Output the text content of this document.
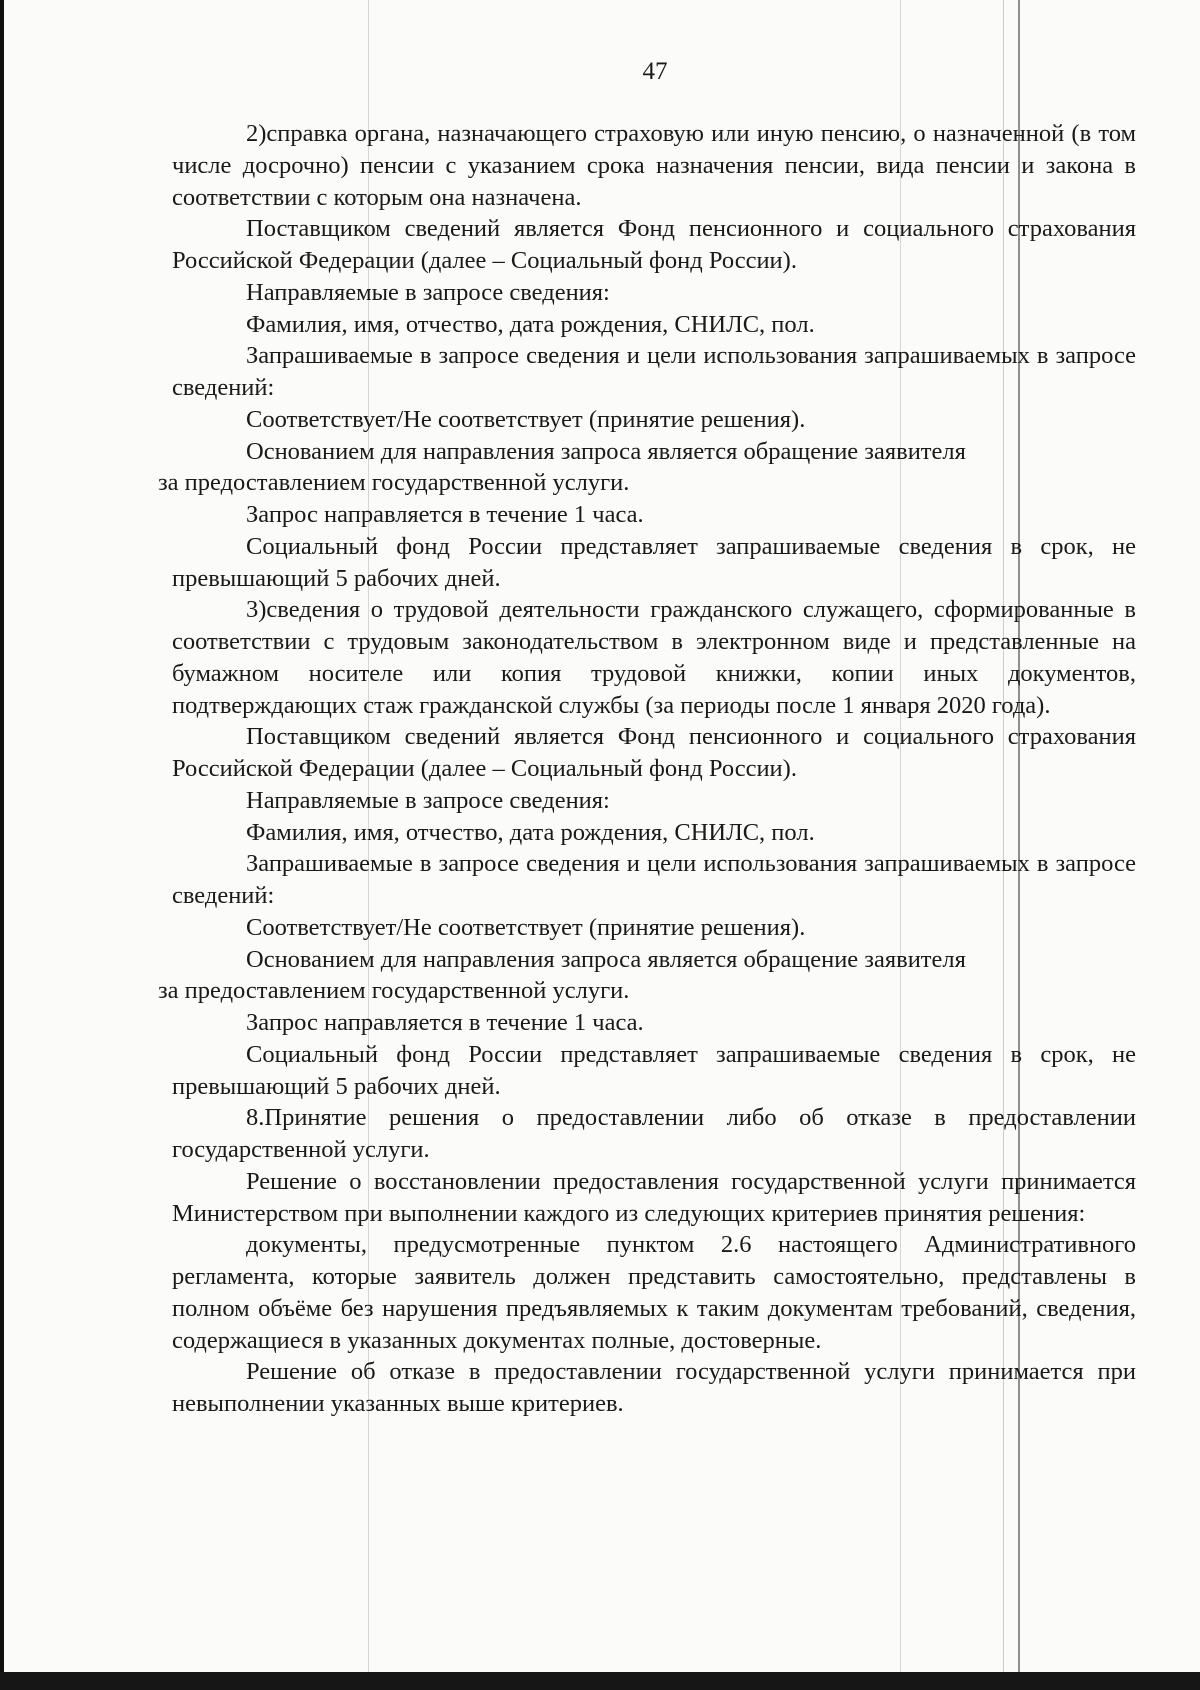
47

2)справка органа, назначающего страховую или иную пенсию, о назначенной (в том числе досрочно) пенсии с указанием срока назначения пенсии, вида пенсии и закона в соответствии с которым она назначена.

Поставщиком сведений является Фонд пенсионного и социального страхования Российской Федерации (далее – Социальный фонд России).

Направляемые в запросе сведения:

Фамилия, имя, отчество, дата рождения, СНИЛС, пол.

Запрашиваемые в запросе сведения и цели использования запрашиваемых в запросе сведений:

Соответствует/Не соответствует (принятие решения).

Основанием для направления запроса является обращение заявителя

за предоставлением государственной услуги.

Запрос направляется в течение 1 часа.

Социальный фонд России представляет запрашиваемые сведения в срок, не превышающий 5 рабочих дней.

3)сведения о трудовой деятельности гражданского служащего, сформированные в соответствии с трудовым законодательством в электронном виде и представленные на бумажном носителе или копия трудовой книжки, копии иных документов, подтверждающих стаж гражданской службы (за периоды после 1 января 2020 года).

Поставщиком сведений является Фонд пенсионного и социального страхования Российской Федерации (далее – Социальный фонд России).

Направляемые в запросе сведения:

Фамилия, имя, отчество, дата рождения, СНИЛС, пол.

Запрашиваемые в запросе сведения и цели использования запрашиваемых в запросе сведений:

Соответствует/Не соответствует (принятие решения).

Основанием для направления запроса является обращение заявителя

за предоставлением государственной услуги.

Запрос направляется в течение 1 часа.

Социальный фонд России представляет запрашиваемые сведения в срок, не превышающий 5 рабочих дней.

8.Принятие решения о предоставлении либо об отказе в предоставлении государственной услуги.

Решение о восстановлении предоставления государственной услуги принимается Министерством при выполнении каждого из следующих критериев принятия решения:

документы, предусмотренные пунктом 2.6 настоящего Административного регламента, которые заявитель должен представить самостоятельно, представлены в полном объёме без нарушения предъявляемых к таким документам требований, сведения, содержащиеся в указанных документах полные, достоверные.

Решение об отказе в предоставлении государственной услуги принимается при невыполнении указанных выше критериев.
